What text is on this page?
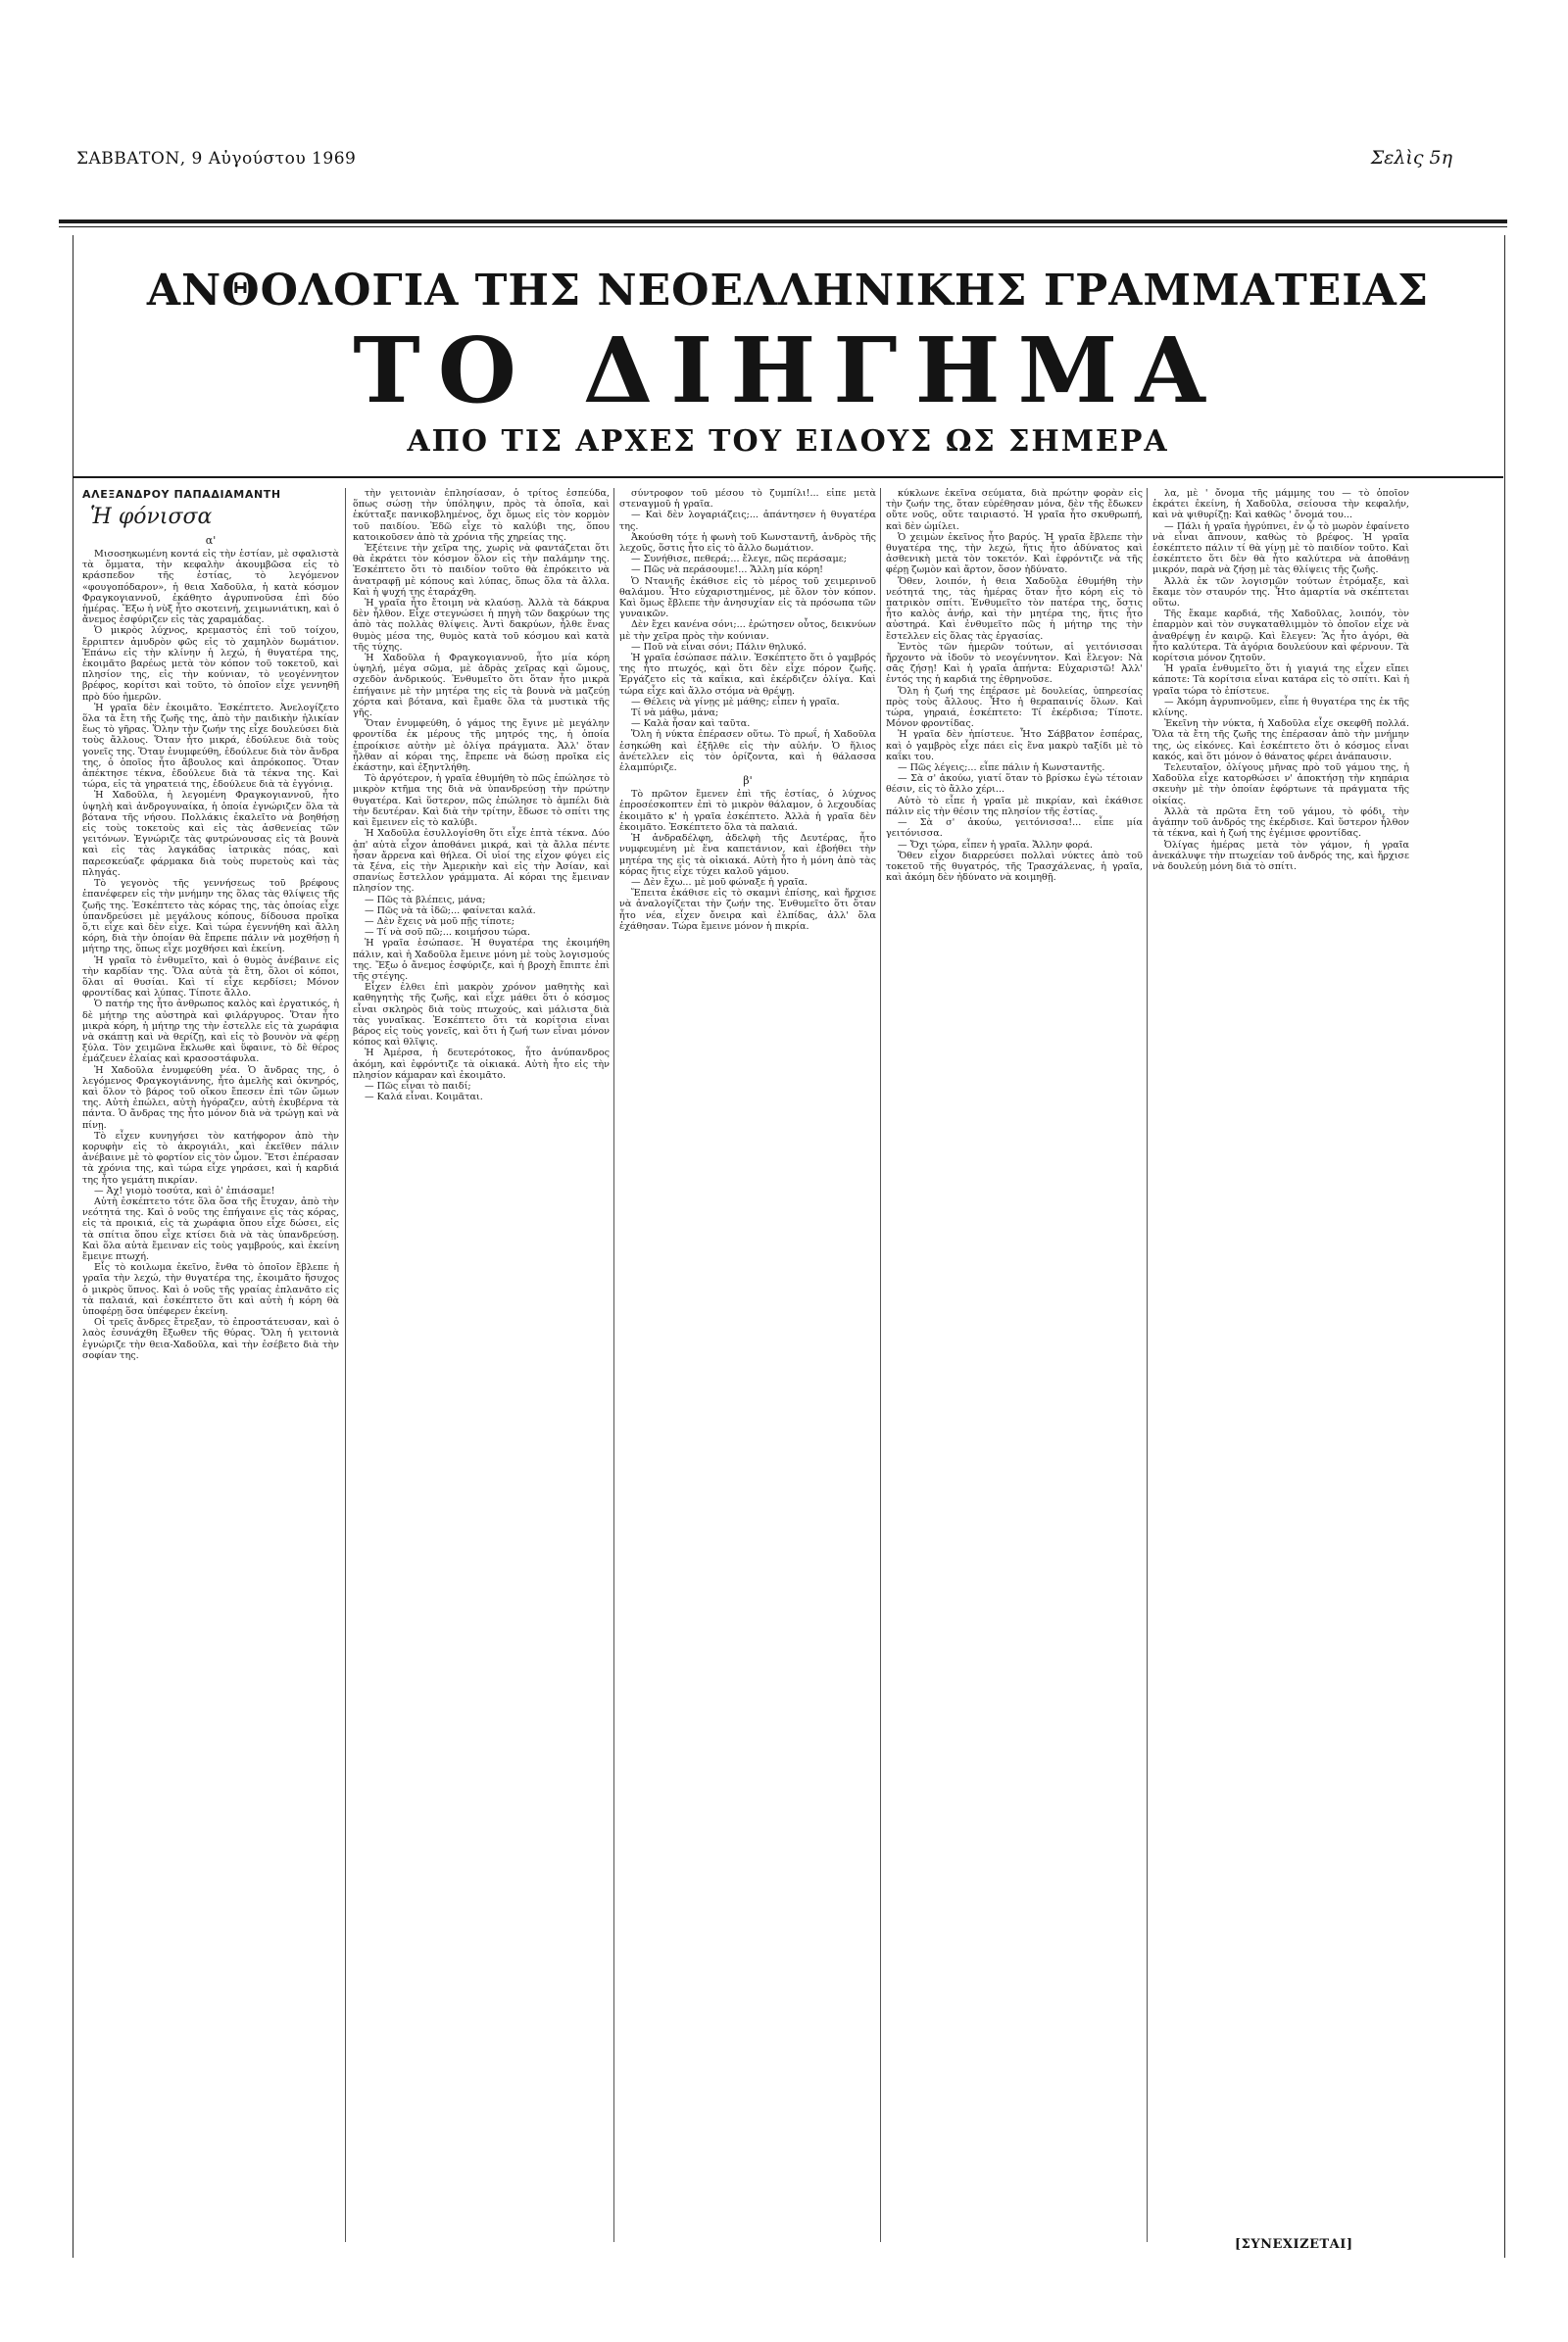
ΣΑΒΒΑΤΟΝ, 9 Αὐγούστου 1969	Σελὶς 5η
ΑΝΘΟΛΟΓΙΑ ΤΗΣ ΝΕΟΕΛΛΗΝΙΚΗΣ ΓΡΑΜΜΑΤΕΙΑΣ
ΤΟ ΔΙΗΓΗΜΑ
ΑΠΟ ΤΙΣ ΑΡΧΕΣ ΤΟΥ ΕΙΔΟΥΣ ΩΣ ΣΗΜΕΡΑ

ΑΛΕΞΑΝΔΡΟΥ ΠΑΠΑΔΙΑΜΑΝΤΗ

Ἡ φόνισσα

α'

Μισοσηκωμένη κοντά εἰς τὴν ἑστίαν, μὲ σφαλιστὰ τὰ ὄμματα, τὴν κεφαλὴν ἀκουμβῶσα εἰς τὸ κράσπεδον τῆς ἑστίας, τὸ λεγόμενον «φουγοπόδαρον», ἡ θεια Χαδοῦλα, ἡ κατὰ κόσμον Φραγκογιαννοῦ, ἐκάθητο ἀγρυπνοῦσα ἐπὶ δύο ἡμέρας. Ἔξω ἡ νὺξ ἦτο σκοτεινή, χειμωνιάτικη, καὶ ὁ ἄνεμος ἐσφύριζεν εἰς τὰς χαραμάδας.

Ὁ μικρὸς λύχνος, κρεμαστὸς ἐπὶ τοῦ τοίχου, ἔρριπτεν ἀμυδρὸν φῶς εἰς τὸ χαμηλὸν δωμάτιον. Ἐπάνω εἰς τὴν κλίνην ἡ λεχώ, ἡ θυγατέρα της, ἐκοιμᾶτο βαρέως μετὰ τὸν κόπον τοῦ τοκετοῦ, καὶ πλησίον της, εἰς τὴν κούνιαν, τὸ νεογέννητον βρέφος, κορίτσι καὶ τοῦτο, τὸ ὁποῖον εἶχε γεννηθῆ πρὸ δύο ἡμερῶν.

Ἡ γραῖα δὲν ἐκοιμᾶτο. Ἐσκέπτετο. Ἀνελογίζετο ὅλα τὰ ἔτη τῆς ζωῆς της, ἀπὸ τὴν παιδικὴν ἡλικίαν ἕως τὸ γῆρας. Ὅλην τὴν ζωήν της εἶχε δουλεύσει διὰ τοὺς ἄλλους. Ὅταν ἦτο μικρά, ἐδούλευε διὰ τοὺς γονεῖς της. Ὅταν ἐνυμφεύθη, ἐδούλευε διὰ τὸν ἄνδρα της, ὁ ὁποῖος ἦτο ἄβουλος καὶ ἀπρόκοπος. Ὅταν ἀπέκτησε τέκνα, ἐδούλευε διὰ τὰ τέκνα της. Καὶ τώρα, εἰς τὰ γηρατειά της, ἐδούλευε διὰ τὰ ἐγγόνια.

Ἡ Χαδοῦλα, ἡ λεγομένη Φραγκογιαννοῦ, ἦτο ὑψηλὴ καὶ ἀνδρογυναίκα, ἡ ὁποία ἐγνώριζεν ὅλα τὰ βότανα τῆς νήσου. Πολλάκις ἐκαλεῖτο νὰ βοηθήσῃ εἰς τοὺς τοκετοὺς καὶ εἰς τὰς ἀσθενείας τῶν γειτόνων. Ἐγνώριζε τὰς φυτρώνουσας εἰς τὰ βουνὰ καὶ εἰς τὰς λαγκάδας ἰατρικὰς πόας, καὶ παρεσκεύαζε φάρμακα διὰ τοὺς πυρετοὺς καὶ τὰς πληγάς.

Τὸ γεγονὸς τῆς γεννήσεως τοῦ βρέφους ἐπανέφερεν εἰς τὴν μνήμην της ὅλας τὰς θλίψεις τῆς ζωῆς της. Ἐσκέπτετο τὰς κόρας της, τὰς ὁποίας εἶχε ὑπανδρεύσει μὲ μεγάλους κόπους, δίδουσα προῖκα ὅ,τι εἶχε καὶ δὲν εἶχε. Καὶ τώρα ἐγεννήθη καὶ ἄλλη κόρη, διὰ τὴν ὁποίαν θὰ ἔπρεπε πάλιν νὰ μοχθήσῃ ἡ μήτηρ της, ὅπως εἶχε μοχθήσει καὶ ἐκείνη.

Ἡ γραῖα τὸ ἐνθυμεῖτο, καὶ ὁ θυμὸς ἀνέβαινε εἰς τὴν καρδίαν της. Ὅλα αὐτὰ τὰ ἔτη, ὅλοι οἱ κόποι, ὅλαι αἱ θυσίαι. Καὶ τί εἶχε κερδίσει; Μόνον φροντίδας καὶ λύπας. Τίποτε ἄλλο.

Ὁ πατήρ της ἦτο ἀνθρωπος καλὸς καὶ ἐργατικός, ἡ δὲ μήτηρ της αὐστηρὰ καὶ φιλάργυρος. Ὅταν ἦτο μικρὰ κόρη, ἡ μήτηρ της τὴν ἐστελλε εἰς τὰ χωράφια νὰ σκάπτῃ καὶ νὰ θερίζῃ, καὶ εἰς τὸ βουνὸν νὰ φέρῃ ξύλα. Τὸν χειμῶνα ἔκλωθε καὶ ὕφαινε, τὸ δὲ θέρος ἐμάζευεν ἐλαίας καὶ κρασοστάφυλα.

Ἡ Χαδοῦλα ἐνυμφεύθη νέα. Ὁ ἄνδρας της, ὁ λεγόμενος Φραγκογιάννης, ἦτο ἀμελὴς καὶ ὀκνηρός, καὶ ὅλον τὸ βάρος τοῦ οἴκου ἔπεσεν ἐπὶ τῶν ὤμων της. Αὐτὴ ἐπώλει, αὐτὴ ἠγόραζεν, αὐτὴ ἐκυβέρνα τὰ πάντα. Ὁ ἄνδρας της ἦτο μόνον διὰ νὰ τρώγῃ καὶ νὰ πίνῃ.

Τὸ εἶχεν κυνηγήσει τὸν κατήφορον ἀπὸ τὴν κορυφὴν εἰς τὸ ἀκρογιάλι, καὶ ἐκεῖθεν πάλιν ἀνέβαινε μὲ τὸ φορτίον εἰς τὸν ὦμον. Ἔτσι ἐπέρασαν τὰ χρόνια της, καὶ τώρα εἶχε γηράσει, καὶ ἡ καρδιά της ἦτο γεμάτη πικρίαν.

— Ἀχ! γιομὸ τοσύτα, καὶ ὁ' ἐπιάσαμε!

Αὐτὴ ἐσκέπτετο τότε ὅλα ὅσα τῆς ἔτυχαν, ἀπὸ τὴν νεότητά της. Καὶ ὁ νοῦς της ἐπήγαινε εἰς τὰς κόρας, εἰς τὰ προικιά, εἰς τὰ χωράφια ὅπου εἶχε δώσει, εἰς τὰ σπίτια ὅπου εἶχε κτίσει διὰ νὰ τὰς ὑπανδρεύσῃ. Καὶ ὅλα αὐτὰ ἔμειναν εἰς τοὺς γαμβρούς, καὶ ἐκείνη ἔμεινε πτωχή.

Εἶς τὸ κοιλωμα ἐκεῖνο, ἔνθα τὸ ὁποῖον ἔβλεπε ἡ γραῖα τὴν λεχώ, τὴν θυγατέρα της, ἐκοιμᾶτο ἥσυχος ὁ μικρὸς ὕπνος. Καὶ ὁ νοῦς τῆς γραίας ἐπλανᾶτο εἰς τὰ παλαιά, καὶ ἐσκέπτετο ὅτι καὶ αὐτὴ ἡ κόρη θὰ ὑποφέρῃ ὅσα ὑπέφερεν ἐκείνη.

Οἱ τρεῖς ἄνδρες ἔτρεξαν, τὸ ἐπροστάτευσαν, καὶ ὁ λαὸς ἐσυνάχθη ἔξωθεν τῆς θύρας. Ὅλη ἡ γειτονιὰ ἐγνώριζε τὴν θεια-Χαδοῦλα, καὶ τὴν ἐσέβετο διὰ τὴν σοφίαν της.

τὴν γειτονιὰν ἐπλησίασαν, ὁ τρίτος ἐσπεύδα, ὅπως σώσῃ τὴν ὑπόληψιν, πρὸς τὰ ὁποῖα, καὶ ἐκύτταξε πανικοβλημένος, ὄχι ὅμως εἰς τὸν κορμὸν τοῦ παιδίου. Ἐδῶ εἶχε τὸ καλύβι της, ὅπου κατοικοῦσεν ἀπὸ τὰ χρόνια τῆς χηρείας της.

Ἐξέτεινε τὴν χεῖρα της, χωρὶς νὰ φαντάζεται ὅτι θὰ ἐκράτει τὸν κόσμον ὅλον εἰς τὴν παλάμην της. Ἐσκέπτετο ὅτι τὸ παιδίον τοῦτο θὰ ἐπρόκειτο νὰ ἀνατραφῇ μὲ κόπους καὶ λύπας, ὅπως ὅλα τὰ ἄλλα. Καὶ ἡ ψυχή της ἐταράχθη.

Ἡ γραῖα ἦτο ἔτοιμη νὰ κλαύσῃ. Ἀλλὰ τὰ δάκρυα δὲν ἦλθον. Εἶχε στεγνώσει ἡ πηγὴ τῶν δακρύων της ἀπὸ τὰς πολλὰς θλίψεις. Ἀντὶ δακρύων, ἦλθε ἕνας θυμὸς μέσα της, θυμὸς κατὰ τοῦ κόσμου καὶ κατὰ τῆς τύχης.

Ἡ Χαδοῦλα ἡ Φραγκογιαννοῦ, ἦτο μία κόρη ὑψηλή, μέγα σῶμα, μὲ ἀδρὰς χεῖρας καὶ ὤμους, σχεδὸν ἀνδρικούς. Ἐνθυμεῖτο ὅτι ὅταν ἦτο μικρὰ ἐπήγαινε μὲ τὴν μητέρα της εἰς τὰ βουνὰ νὰ μαζεύῃ χόρτα καὶ βότανα, καὶ ἔμαθε ὅλα τὰ μυστικὰ τῆς γῆς.

Ὅταν ἐνυμφεύθη, ὁ γάμος της ἔγινε μὲ μεγάλην φροντίδα ἐκ μέρους τῆς μητρός της, ἡ ὁποία ἐπροίκισε αὐτὴν μὲ ὀλίγα πράγματα. Ἀλλ' ὅταν ἦλθαν αἱ κόραι της, ἔπρεπε νὰ δώσῃ προῖκα εἰς ἑκάστην, καὶ ἐξηντλήθη.

Τὸ ἀργότερον, ἡ γραῖα ἐθυμήθη τὸ πῶς ἐπώλησε τὸ μικρὸν κτῆμα της διὰ νὰ ὑπανδρεύσῃ τὴν πρώτην θυγατέρα. Καὶ ὕστερον, πῶς ἐπώλησε τὸ ἀμπέλι διὰ τὴν δευτέραν. Καὶ διὰ τὴν τρίτην, ἔδωσε τὸ σπίτι της καὶ ἔμεινεν εἰς τὸ καλύβι.

Ἡ Χαδοῦλα ἐσυλλογίσθη ὅτι εἶχε ἐπτὰ τέκνα. Δύο ἀπ' αὐτὰ εἶχον ἀποθάνει μικρά, καὶ τὰ ἄλλα πέντε ἦσαν ἄρρενα καὶ θήλεα. Οἱ υἱοί της εἶχον φύγει εἰς τὰ ξένα, εἰς τὴν Ἀμερικὴν καὶ εἰς τὴν Ἀσίαν, καὶ σπανίως ἔστελλον γράμματα. Αἱ κόραι της ἔμειναν πλησίον της.

— Πῶς τὰ βλέπεις, μάνα;

— Πῶς νὰ τὰ ἰδῶ;... φαίνεται καλά.

— Δὲν ἔχεις νὰ μοῦ πῇς τίποτε;

— Τί νὰ σοῦ πῶ;... κοιμήσου τώρα.

Ἡ γραῖα ἐσώπασε. Ἡ θυγατέρα της ἐκοιμήθη πάλιν, καὶ ἡ Χαδοῦλα ἔμεινε μόνη μὲ τοὺς λογισμούς της. Ἔξω ὁ ἄνεμος ἐσφύριζε, καὶ ἡ βροχὴ ἔπιπτε ἐπὶ τῆς στέγης.

Εἶχεν ἐλθει ἐπὶ μακρὸν χρόνον μαθητὴς καὶ καθηγητὴς τῆς ζωῆς, καὶ εἶχε μάθει ὅτι ὁ κόσμος εἶναι σκληρὸς διὰ τοὺς πτωχούς, καὶ μάλιστα διὰ τὰς γυναῖκας. Ἐσκέπτετο ὅτι τὰ κορίτσια εἶναι βάρος εἰς τοὺς γονεῖς, καὶ ὅτι ἡ ζωή των εἶναι μόνον κόπος καὶ θλῖψις.

Ἡ Ἀμέρσα, ἡ δευτερότοκος, ἦτο ἀνύπανδρος ἀκόμη, καὶ ἐφρόντιζε τὰ οἰκιακά. Αὐτὴ ἦτο εἰς τὴν πλησίον κάμαραν καὶ ἐκοιμᾶτο.

— Πῶς εἶναι τὸ παιδί;

— Καλά εἶναι. Κοιμᾶται.

σύντροφον τοῦ μέσου τὸ ζυμπίλι!... εἶπε μετὰ στεναγμοῦ ἡ γραῖα.

— Καὶ δὲν λογαριάζεις;... ἀπάντησεν ἡ θυγατέρα της.

Ἀκούσθη τότε ἡ φωνὴ τοῦ Κωνσταντῆ, ἀνδρὸς τῆς λεχοῦς, ὅστις ἦτο εἰς τὸ ἄλλο δωμάτιον.

— Συνήθισε, πεθερά;... ἔλεγε, πῶς περάσαμε;

— Πῶς νὰ περάσουμε!... Ἄλλη μία κόρη!

Ὁ Ντανιῆς ἐκάθισε εἰς τὸ μέρος τοῦ χειμερινοῦ θαλάμου. Ἦτο εὐχαριστημένος, μὲ ὅλον τὸν κόπον. Καὶ ὅμως ἔβλεπε τὴν ἀνησυχίαν εἰς τὰ πρόσωπα τῶν γυναικῶν.

Δὲν ἔχει κανένα σόνι;... ἐρώτησεν οὗτος, δεικνύων μὲ τὴν χεῖρα πρὸς τὴν κούνιαν.

— Ποῦ νὰ εἶναι σόνι; Πάλιν θηλυκό.

Ἡ γραῖα ἐσώπασε πάλιν. Ἐσκέπτετο ὅτι ὁ γαμβρός της ἦτο πτωχός, καὶ ὅτι δὲν εἶχε πόρον ζωῆς. Ἐργάζετο εἰς τὰ καΐκια, καὶ ἐκέρδιζεν ὀλίγα. Καὶ τώρα εἶχε καὶ ἄλλο στόμα νὰ θρέψῃ.

— Θέλεις νὰ γίνῃς μὲ μάθης; εἶπεν ἡ γραῖα.

Τί νὰ μάθω, μάνα;

— Καλὰ ἦσαν καὶ ταῦτα.

Ὅλη ἡ νύκτα ἐπέρασεν οὕτω. Τὸ πρωΐ, ἡ Χαδοῦλα ἐσηκώθη καὶ ἐξῆλθε εἰς τὴν αὐλήν. Ὁ ἥλιος ἀνέτελλεν εἰς τὸν ὁρίζοντα, καὶ ἡ θάλασσα ἐλαμπύριζε.

β'

Τὸ πρῶτον ἔμενεν ἐπὶ τῆς ἑστίας, ὁ λύχνος ἐπροσέσκοπτεν ἐπὶ τὸ μικρὸν θάλαμον, ὁ λεχουδίας ἐκοιμᾶτο κ' ἡ γραῖα ἐσκέπτετο. Ἀλλὰ ἡ γραῖα δὲν ἐκοιμᾶτο. Ἐσκέπτετο ὅλα τὰ παλαιά.

Ἡ ἀνδραδέλφη, ἀδελφὴ τῆς Δευτέρας, ἦτο νυμφευμένη μὲ ἕνα καπετάνιον, καὶ ἐβοήθει τὴν μητέρα της εἰς τὰ οἰκιακά. Αὐτὴ ἦτο ἡ μόνη ἀπὸ τὰς κόρας ἥτις εἶχε τύχει καλοῦ γάμου.

— Δὲν ἔχω... μὲ μοῦ φώναξε ἡ γραῖα.

Ἔπειτα ἐκάθισε εἰς τὸ σκαμνὶ ἐπίσης, καὶ ἤρχισε νὰ ἀναλογίζεται τὴν ζωήν της. Ἐνθυμεῖτο ὅτι ὅταν ἦτο νέα, εἶχεν ὄνειρα καὶ ἐλπίδας, ἀλλ' ὅλα ἐχάθησαν. Τώρα ἔμεινε μόνον ἡ πικρία.

κύκλωνε ἐκεῖνα σεύματα, διὰ πρώτην φορὰν εἰς τὴν ζωήν της, ὅταν εὑρέθησαν μόνα, δὲν τῆς ἔδωκεν οὔτε νοῦς, οὔτε ταιριαστό. Ἡ γραῖα ἦτο σκυθρωπή, καὶ δὲν ὡμίλει.

Ὁ χειμὼν ἐκεῖνος ἦτο βαρύς. Ἡ γραῖα ἔβλεπε τὴν θυγατέρα της, τὴν λεχώ, ἥτις ἦτο ἀδύνατος καὶ ἀσθενικὴ μετὰ τὸν τοκετόν. Καὶ ἐφρόντιζε νὰ τῆς φέρῃ ζωμὸν καὶ ἄρτον, ὅσον ἠδύνατο.

Ὅθεν, λοιπόν, ἡ θεια Χαδοῦλα ἐθυμήθη τὴν νεότητά της, τὰς ἡμέρας ὅταν ἦτο κόρη εἰς τὸ πατρικὸν σπίτι. Ἐνθυμεῖτο τὸν πατέρα της, ὅστις ἦτο καλὸς ἀνήρ, καὶ τὴν μητέρα της, ἥτις ἦτο αὐστηρά. Καὶ ἐνθυμεῖτο πῶς ἡ μήτηρ της τὴν ἔστελλεν εἰς ὅλας τὰς ἐργασίας.

Ἐντὸς τῶν ἡμερῶν τούτων, αἱ γειτόνισσαι ἤρχοντο νὰ ἰδοῦν τὸ νεογέννητον. Καὶ ἔλεγον: Νὰ σᾶς ζήσῃ! Καὶ ἡ γραῖα ἀπήντα: Εὐχαριστῶ! Ἀλλ' ἐντός της ἡ καρδιά της ἐθρηνοῦσε.

Ὅλη ἡ ζωή της ἐπέρασε μὲ δουλείας, ὑπηρεσίας πρὸς τοὺς ἄλλους. Ἦτο ἡ θεραπαινίς ὅλων. Καὶ τώρα, γηραιά, ἐσκέπτετο: Τί ἐκέρδισα; Τίποτε. Μόνον φροντίδας.

Ἡ γραῖα δὲν ἠπίστευε. Ἦτο Σάββατον ἑσπέρας, καὶ ὁ γαμβρὸς εἶχε πάει εἰς ἕνα μακρὺ ταξίδι μὲ τὸ καΐκι του.

— Πῶς λέγεις;... εἶπε πάλιν ἡ Κωνσταντῆς.

— Σὰ σ' ἀκούω, γιατί ὅταν τὸ βρίσκω ἐγὼ τέτοιαν θέσιν, εἰς τὸ ἄλλο χέρι...

Αὐτὸ τὸ εἶπε ἡ γραῖα μὲ πικρίαν, καὶ ἐκάθισε πάλιν εἰς τὴν θέσιν της πλησίον τῆς ἑστίας.

— Σὰ σ' ἀκούω, γειτόνισσα!... εἶπε μία γειτόνισσα.

— Ὄχι τώρα, εἶπεν ἡ γραῖα. Ἄλλην φορά.

Ὅθεν εἶχον διαρρεύσει πολλαὶ νύκτες ἀπὸ τοῦ τοκετοῦ τῆς θυγατρός, τῆς Τρασχάλενας, ἡ γραῖα, καὶ ἀκόμη δὲν ἠδύνατο νὰ κοιμηθῇ.

λα, μὲ ' ὄνομα τῆς μάμμης του — τὸ ὁποῖον ἐκράτει ἐκείνη, ἡ Χαδοῦλα, σείουσα τὴν κεφαλήν, καὶ νὰ ψιθυρίζῃ: Καὶ καθῶς ' ὄνομά του...

— Πάλι ἡ γραῖα ἠγρύπνει, ἐν ᾧ τὸ μωρὸν ἐφαίνετο νὰ εἶναι ἄπνουν, καθὼς τὸ βρέφος. Ἡ γραῖα ἐσκέπτετο πάλιν τί θὰ γίνῃ μὲ τὸ παιδίον τοῦτο. Καὶ ἐσκέπτετο ὅτι δὲν θὰ ἦτο καλύτερα νὰ ἀποθάνῃ μικρόν, παρὰ νὰ ζήσῃ μὲ τὰς θλίψεις τῆς ζωῆς.

Ἀλλὰ ἐκ τῶν λογισμῶν τούτων ἐτρόμαξε, καὶ ἔκαμε τὸν σταυρόν της. Ἦτο ἁμαρτία νὰ σκέπτεται οὕτω.

Τῆς ἔκαμε καρδιά, τῆς Χαδοῦλας, λοιπόν, τὸν ἐπαρμὸν καὶ τὸν συγκαταθλιμμὸν τὸ ὁποῖον εἶχε νὰ ἀναθρέψῃ ἐν καιρῷ. Καὶ ἔλεγεν: Ἂς ἦτο ἀγόρι, θὰ ἦτο καλύτερα. Τὰ ἀγόρια δουλεύουν καὶ φέρνουν. Τὰ κορίτσια μόνον ζητοῦν.

Ἡ γραῖα ἐνθυμεῖτο ὅτι ἡ γιαγιά της εἶχεν εἴπει κάποτε: Τὰ κορίτσια εἶναι κατάρα εἰς τὸ σπίτι. Καὶ ἡ γραῖα τώρα τὸ ἐπίστευε.

— Ἀκόμη ἀγρυπνοῦμεν, εἶπε ἡ θυγατέρα της ἐκ τῆς κλίνης.

Ἐκεῖνη τὴν νύκτα, ἡ Χαδοῦλα εἶχε σκεφθῆ πολλά. Ὅλα τὰ ἔτη τῆς ζωῆς της ἐπέρασαν ἀπὸ τὴν μνήμην της, ὡς εἰκόνες. Καὶ ἐσκέπτετο ὅτι ὁ κόσμος εἶναι κακός, καὶ ὅτι μόνον ὁ θάνατος φέρει ἀνάπαυσιν.

Τελευταῖον, ὀλίγους μῆνας πρὸ τοῦ γάμου της, ἡ Χαδοῦλα εἶχε κατορθώσει ν' ἀποκτήσῃ τὴν κηπάρια σκευὴν μὲ τὴν ὁποίαν ἐφόρτωνε τὰ πράγματα τῆς οἰκίας.

Ἀλλὰ τὰ πρῶτα ἔτη τοῦ γάμου, τὸ φόδι, τὴν ἀγάπην τοῦ ἀνδρός της ἐκέρδισε. Καὶ ὕστερον ἦλθον τὰ τέκνα, καὶ ἡ ζωή της ἐγέμισε φροντίδας.

Ὀλίγας ἡμέρας μετὰ τὸν γάμον, ἡ γραῖα ἀνεκάλυψε τὴν πτωχείαν τοῦ ἀνδρός της, καὶ ἤρχισε νὰ δουλεύῃ μόνη διὰ τὸ σπίτι.

[ΣΥΝΕΧΙΖΕΤΑΙ]
